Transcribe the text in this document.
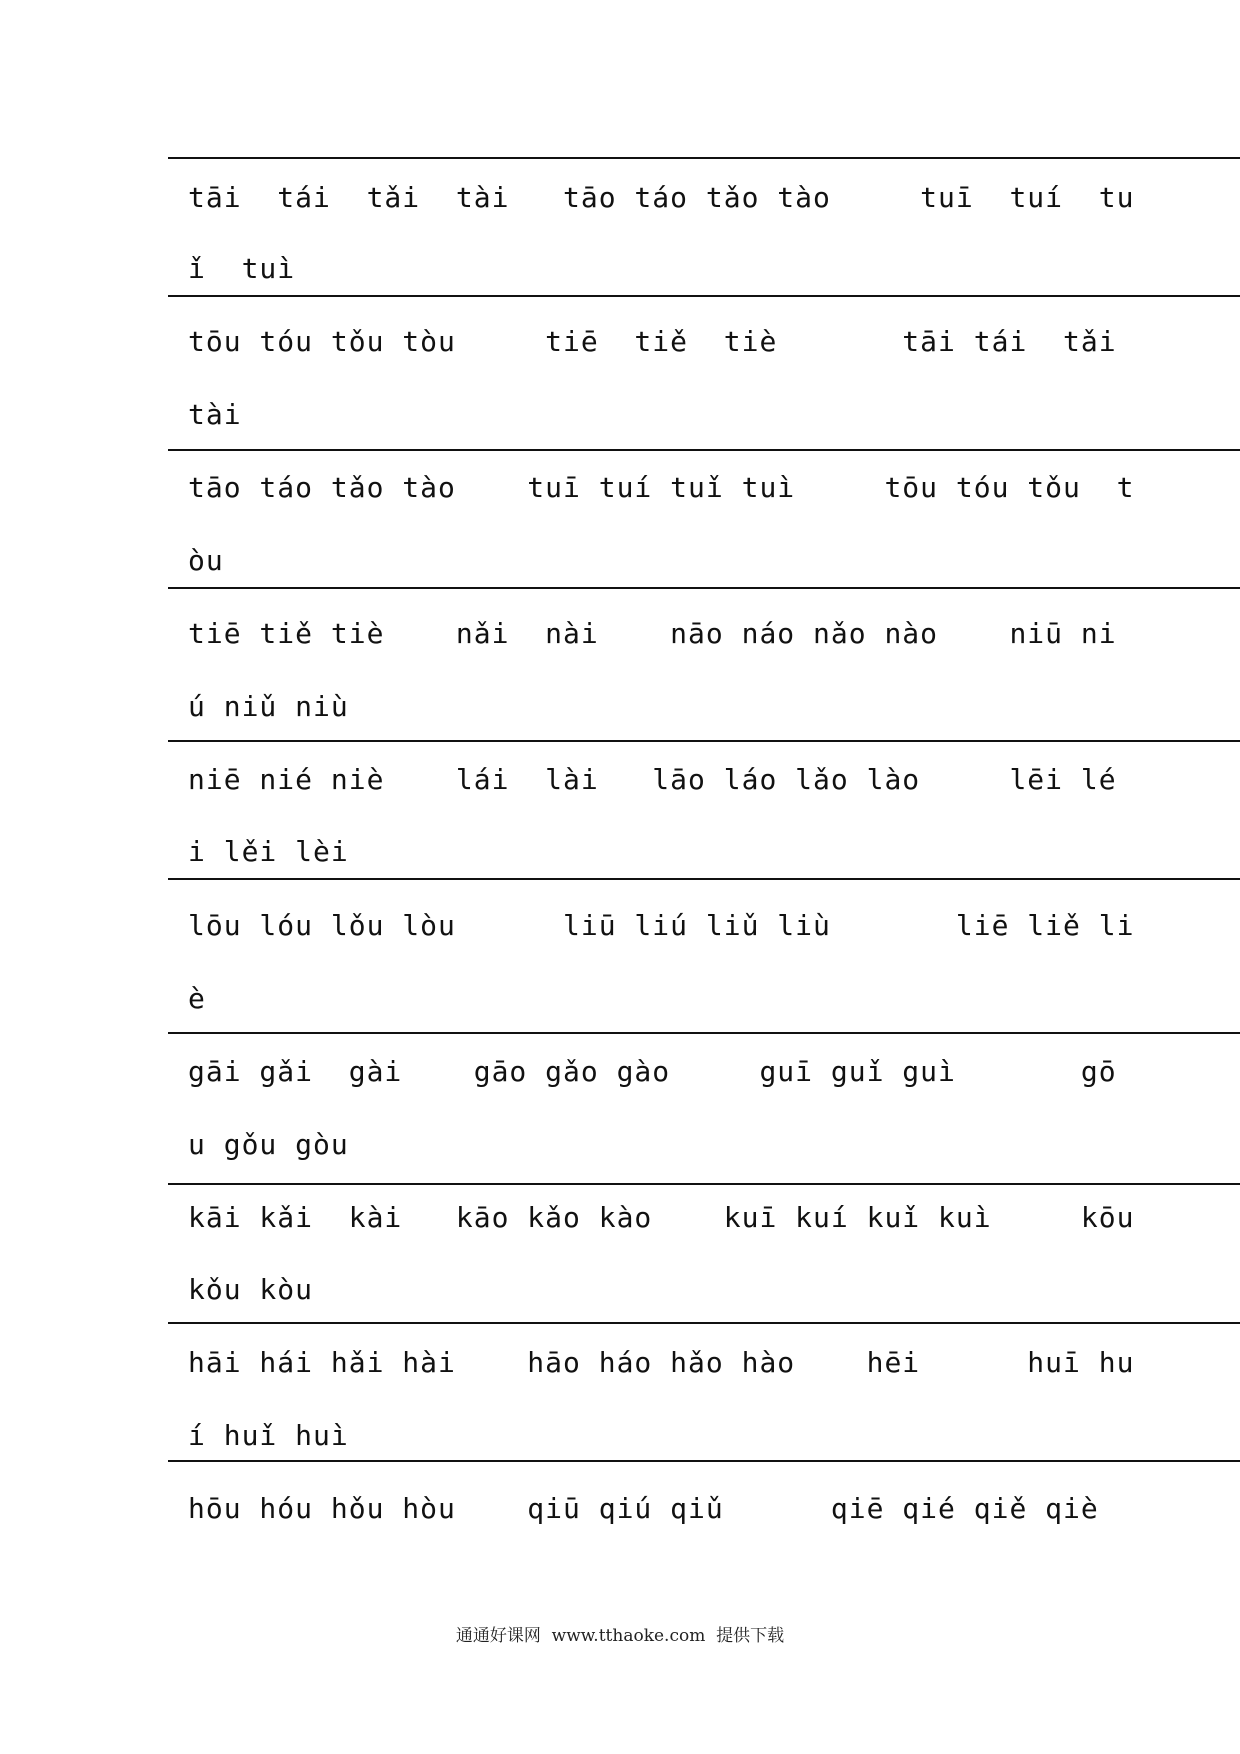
tāi  tái  tǎi  tài   tāo táo tǎo tào     tuī  tuí  tu
ǐ  tuì
tōu tóu tǒu tòu     tiē  tiě  tiè       tāi tái  tǎi
tài
tāo táo tǎo tào    tuī tuí tuǐ tuì     tōu tóu tǒu  t
òu
tiē tiě tiè    nǎi  nài    nāo náo nǎo nào    niū ni
ú niǔ niù
niē nié niè    lái  lài   lāo láo lǎo lào     lēi lé
i lěi lèi
lōu lóu lǒu lòu      liū liú liǔ liù       liē liě li
è
gāi gǎi  gài    gāo gǎo gào     guī guǐ guì       gō
u gǒu gòu
kāi kǎi  kài   kāo kǎo kào    kuī kuí kuǐ kuì     kōu
kǒu kòu
hāi hái hǎi hài    hāo háo hǎo hào    hēi      huī hu
í huǐ huì
hōu hóu hǒu hòu    qiū qiú qiǔ      qiē qié qiě qiè
通通好课网  www.tthaoke.com  提供下载
